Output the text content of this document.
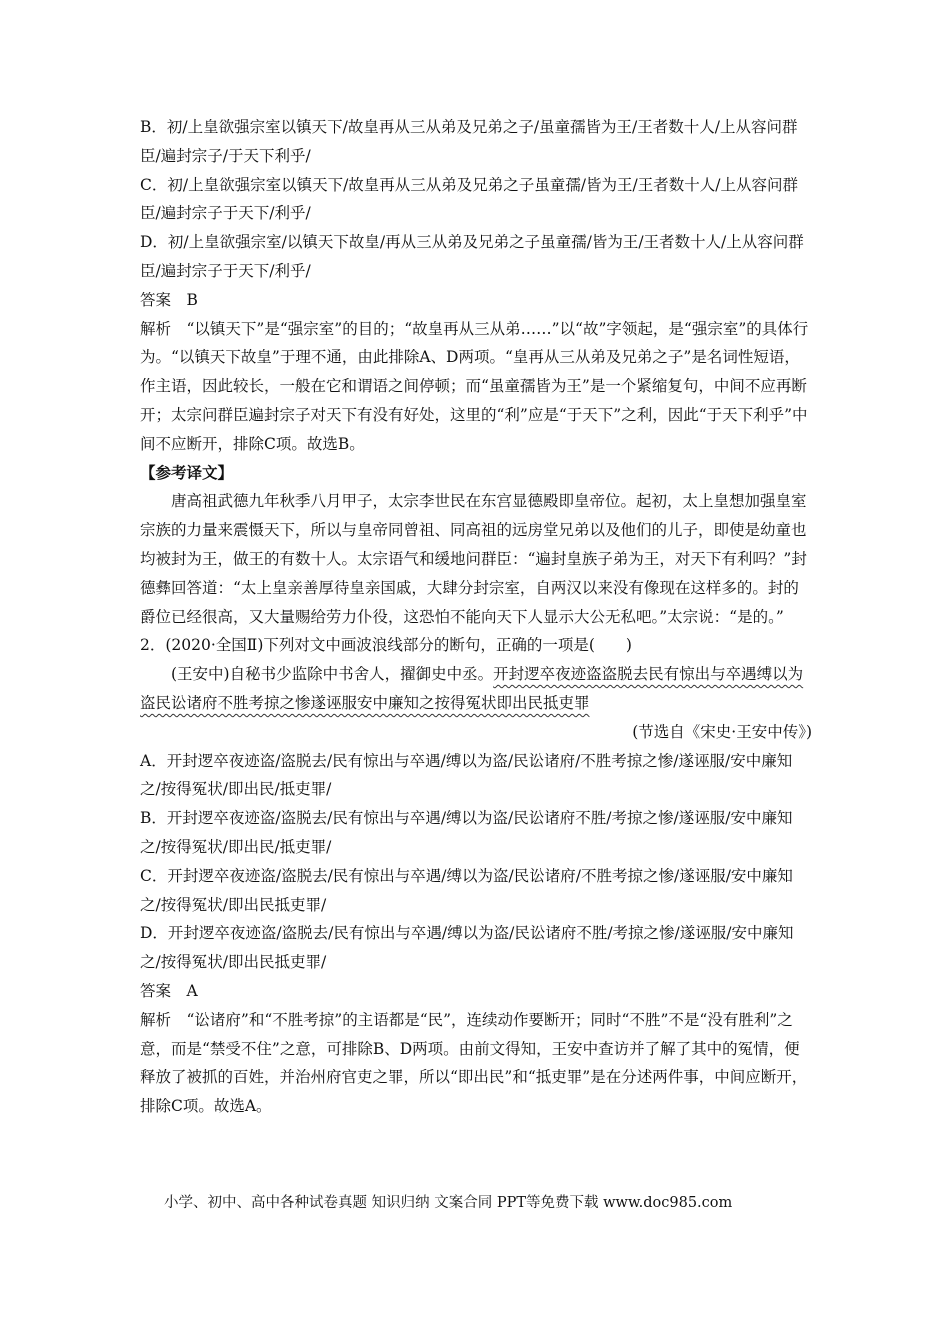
B．初/上皇欲强宗室以镇天下/故皇再从三从弟及兄弟之子/虽童孺皆为王/王者数十人/上从容问群臣/遍封宗子/于天下利乎/

C．初/上皇欲强宗室以镇天下/故皇再从三从弟及兄弟之子虽童孺/皆为王/王者数十人/上从容问群臣/遍封宗子于天下/利乎/

D．初/上皇欲强宗室/以镇天下故皇/再从三从弟及兄弟之子虽童孺/皆为王/王者数十人/上从容问群臣/遍封宗子于天下/利乎/

答案　B

解析　“以镇天下”是“强宗室”的目的；“故皇再从三从弟……”以“故”字领起，是“强宗室”的具体行为。“以镇天下故皇”于理不通，由此排除A、D两项。“皇再从三从弟及兄弟之子”是名词性短语，作主语，因此较长，一般在它和谓语之间停顿；而“虽童孺皆为王”是一个紧缩复句，中间不应再断开；太宗问群臣遍封宗子对天下有没有好处，这里的“利”应是“于天下”之利，因此“于天下利乎”中间不应断开，排除C项。故选B。

【参考译文】

唐高祖武德九年秋季八月甲子，太宗李世民在东宫显德殿即皇帝位。起初，太上皇想加强皇室宗族的力量来震慑天下，所以与皇帝同曾祖、同高祖的远房堂兄弟以及他们的儿子，即使是幼童也均被封为王，做王的有数十人。太宗语气和缓地问群臣：“遍封皇族子弟为王，对天下有利吗？”封德彝回答道：“太上皇亲善厚待皇亲国戚，大肆分封宗室，自两汉以来没有像现在这样多的。封的爵位已经很高，又大量赐给劳力仆役，这恐怕不能向天下人显示大公无私吧。”太宗说：“是的。”

2．(2020·全国Ⅱ)下列对文中画波浪线部分的断句，正确的一项是(　　)

(王安中)自秘书少监除中书舍人，擢御史中丞。开封逻卒夜迹盗盗脱去民有惊出与卒遇缚以为盗民讼诸府不胜考掠之惨遂诬服安中廉知之按得冤状即出民抵吏罪

(节选自《宋史·王安中传》)

A．开封逻卒夜迹盗/盗脱去/民有惊出与卒遇/缚以为盗/民讼诸府/不胜考掠之惨/遂诬服/安中廉知之/按得冤状/即出民/抵吏罪/

B．开封逻卒夜迹盗/盗脱去/民有惊出与卒遇/缚以为盗/民讼诸府不胜/考掠之惨/遂诬服/安中廉知之/按得冤状/即出民/抵吏罪/

C．开封逻卒夜迹盗/盗脱去/民有惊出与卒遇/缚以为盗/民讼诸府/不胜考掠之惨/遂诬服/安中廉知之/按得冤状/即出民抵吏罪/

D．开封逻卒夜迹盗/盗脱去/民有惊出与卒遇/缚以为盗/民讼诸府不胜/考掠之惨/遂诬服/安中廉知之/按得冤状/即出民抵吏罪/

答案　A

解析　“讼诸府”和“不胜考掠”的主语都是“民”，连续动作要断开；同时“不胜”不是“没有胜利”之意，而是“禁受不住”之意，可排除B、D两项。由前文得知，王安中查访并了解了其中的冤情，便释放了被抓的百姓，并治州府官吏之罪，所以“即出民”和“抵吏罪”是在分述两件事，中间应断开，排除C项。故选A。

小学、初中、高中各种试卷真题 知识归纳 文案合同 PPT等免费下载 www.doc985.com
